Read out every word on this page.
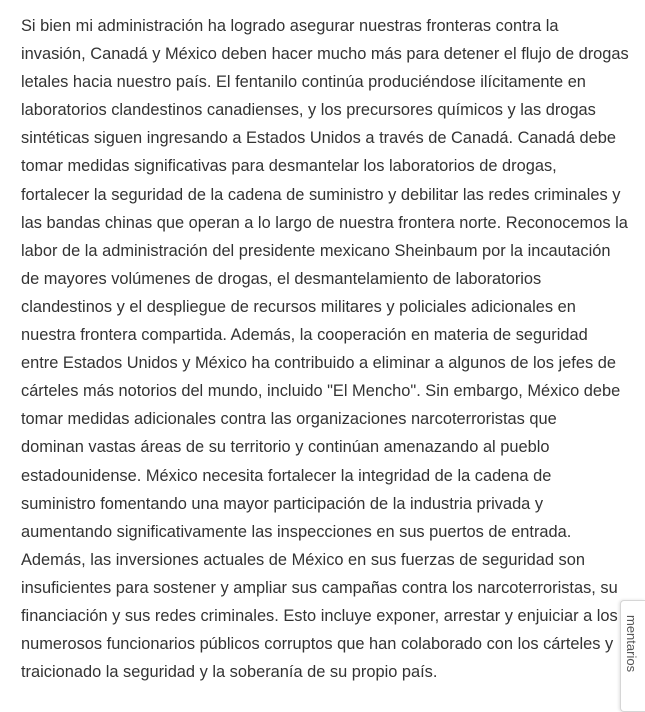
Si bien mi administración ha logrado asegurar nuestras fronteras contra la
invasión, Canadá y México deben hacer mucho más para detener el flujo de drogas
letales hacia nuestro país. El fentanilo continúa produciéndose ilícitamente en
laboratorios clandestinos canadienses, y los precursores químicos y las drogas
sintéticas siguen ingresando a Estados Unidos a través de Canadá. Canadá debe
tomar medidas significativas para desmantelar los laboratorios de drogas,
fortalecer la seguridad de la cadena de suministro y debilitar las redes criminales y
las bandas chinas que operan a lo largo de nuestra frontera norte. Reconocemos la
labor de la administración del presidente mexicano Sheinbaum por la incautación
de mayores volúmenes de drogas, el desmantelamiento de laboratorios
clandestinos y el despliegue de recursos militares y policiales adicionales en
nuestra frontera compartida. Además, la cooperación en materia de seguridad
entre Estados Unidos y México ha contribuido a eliminar a algunos de los jefes de
cárteles más notorios del mundo, incluido "El Mencho". Sin embargo, México debe
tomar medidas adicionales contra las organizaciones narcoterroristas que
dominan vastas áreas de su territorio y continúan amenazando al pueblo
estadounidense. México necesita fortalecer la integridad de la cadena de
suministro fomentando una mayor participación de la industria privada y
aumentando significativamente las inspecciones en sus puertos de entrada.
Además, las inversiones actuales de México en sus fuerzas de seguridad son
insuficientes para sostener y ampliar sus campañas contra los narcoterroristas, su
financiación y sus redes criminales. Esto incluye exponer, arrestar y enjuiciar a los
numerosos funcionarios públicos corruptos que han colaborado con los cárteles y
traicionado la seguridad y la soberanía de su propio país.

mentarios
